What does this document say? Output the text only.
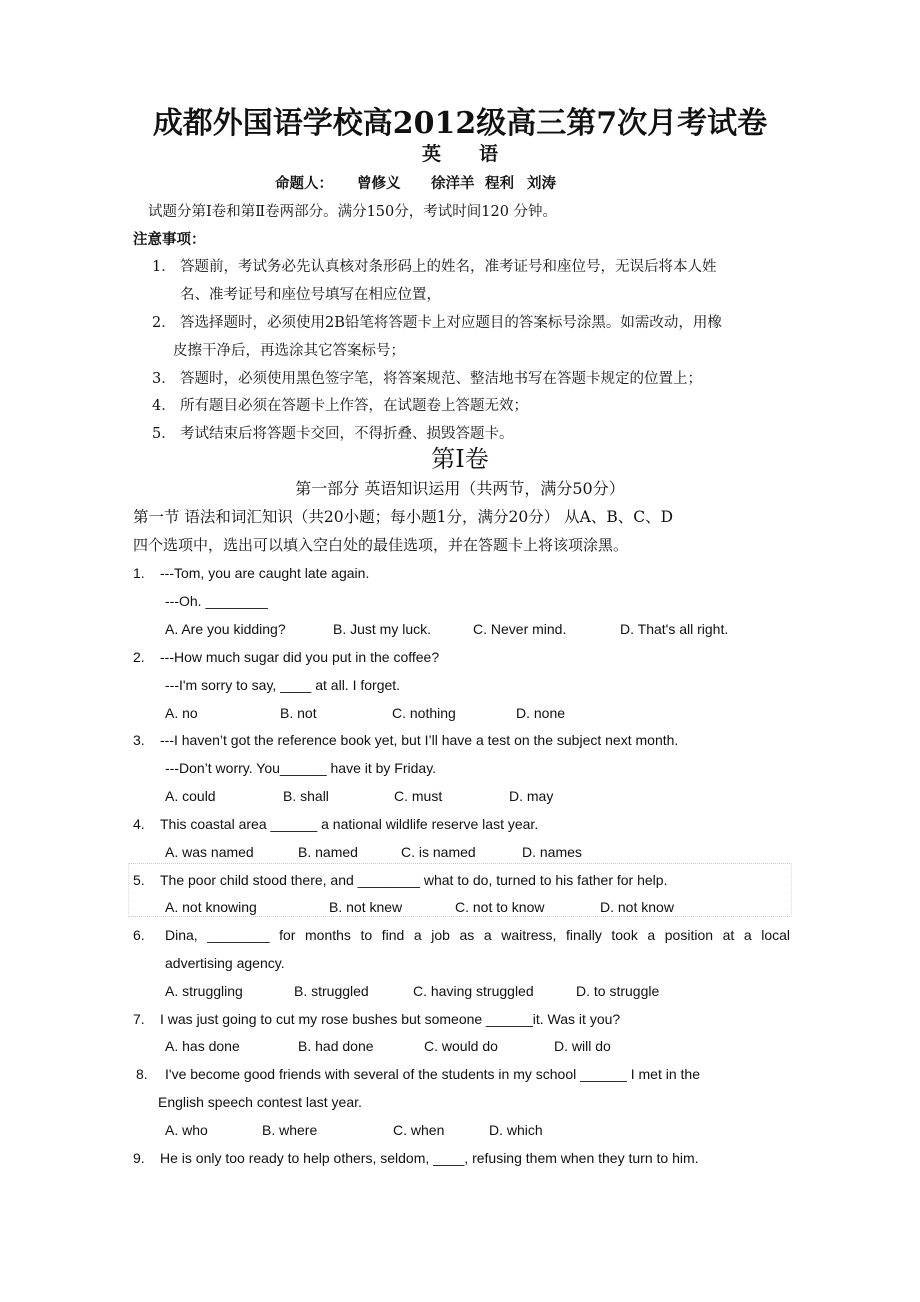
成都外国语学校高2012级高三第7次月考试卷
英　　语
命题人： 曾修义 徐洋羊 程利 刘涛
试题分第Ⅰ卷和第Ⅱ卷两部分。满分150分，考试时间120 分钟。
注意事项：
1． 答题前，考试务必先认真核对条形码上的姓名，准考证号和座位号，无误后将本人姓
名、准考证号和座位号填写在相应位置，
2． 答选择题时，必须使用2B铅笔将答题卡上对应题目的答案标号涂黑。如需改动，用橡
皮擦干净后，再选涂其它答案标号；
3． 答题时，必须使用黑色签字笔，将答案规范、整洁地书写在答题卡规定的位置上；
4． 所有题目必须在答题卡上作答，在试题卷上答题无效；
5． 考试结束后将答题卡交回，不得折叠、损毁答题卡。
第Ⅰ卷
第一部分 英语知识运用（共两节，满分50分）
第一节 语法和词汇知识（共20小题；每小题1分，满分20分） 从A、B、C、D
四个选项中，选出可以填入空白处的最佳选项，并在答题卡上将该项涂黑。
1. ---Tom, you are caught late again.
---Oh. ________
A. Are you kidding?	B. Just my luck.	C. Never mind.	D. That's all right.
2. ---How much sugar did you put in the coffee?
---I'm sorry to say, ____ at all. I forget.
A. no	B. not	C. nothing	D. none
3. ---I haven’t got the reference book yet, but I’ll have a test on the subject next month.
---Don’t worry. You______ have it by Friday.
A. could	B. shall	C. must	D. may
4. This coastal area ______ a national wildlife reserve last year.
A. was named	B. named	C. is named	D. names
5. The poor child stood there, and ________ what to do, turned to his father for help.
A. not knowing	B. not knew	C. not to know	D. not know
6. Dina, ________ for months to find a job as a waitress, finally took a position at a local
advertising agency.
A. struggling	B. struggled	C. having struggled	D. to struggle
7. I was just going to cut my rose bushes but someone ______it. Was it you?
A. has done	B. had done	C. would do	D. will do
8. I've become good friends with several of the students in my school ______ I met in the
English speech contest last year.
A. who	B. where	C. when	D. which
9. He is only too ready to help others, seldom, ____, refusing them when they turn to him.
